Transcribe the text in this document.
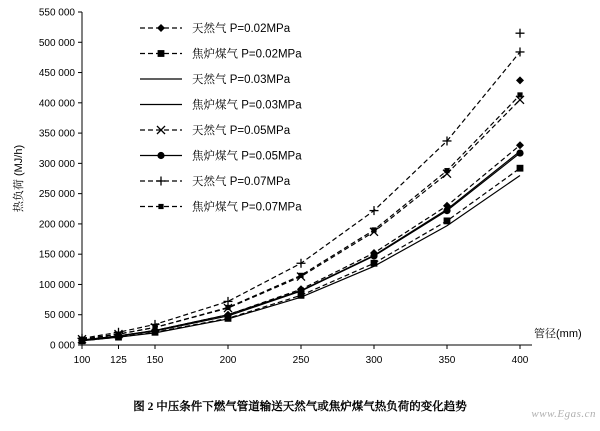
0 000
50 000
100 000
150 000
200 000
250 000
300 000
350 000
400 000
450 000
500 000
550 000
100 125 150	200	250	300	350	400
管径(mm)
热负荷 (MJ/h)
天然气 P=0.02MPa
焦炉煤气 P=0.02MPa
天然气 P=0.03MPa
焦炉煤气 P=0.03MPa
天然气 P=0.05MPa
焦炉煤气 P=0.05MPa
天然气 P=0.07MPa
焦炉煤气 P=0.07MPa
图 2 中压条件下燃气管道输送天然气或焦炉煤气热负荷的变化趋势
www.Egas.cn
